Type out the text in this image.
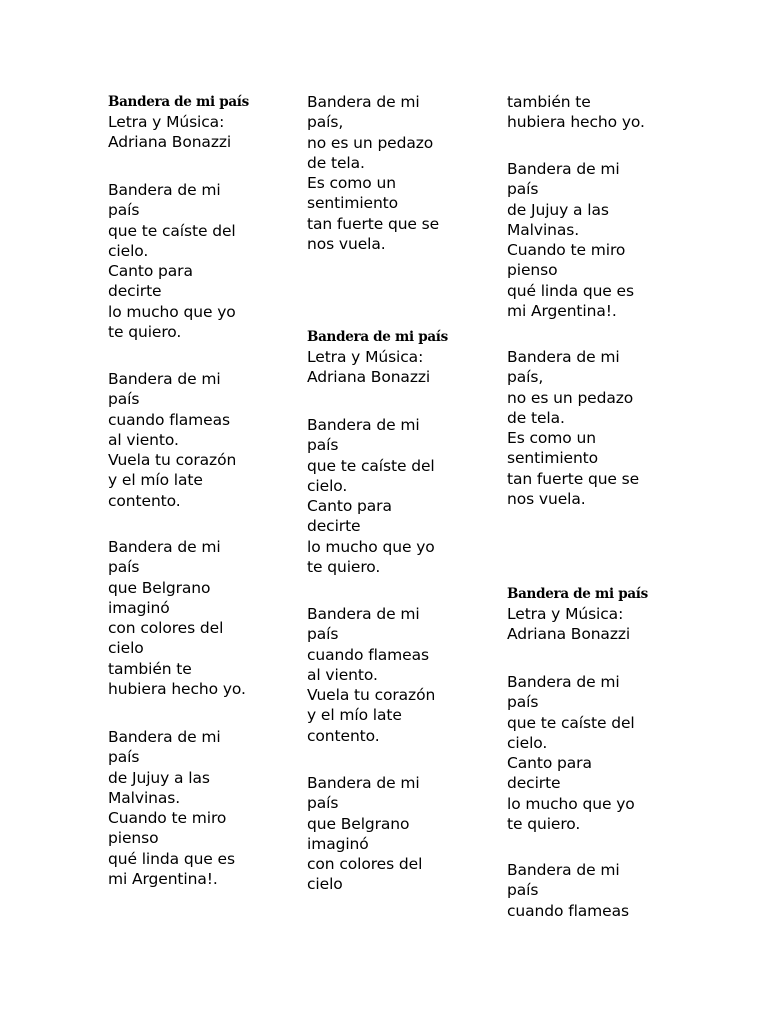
Bandera de mi país
Letra y Música:
Adriana Bonazzi
Bandera de mi
país
que te caíste del
cielo.
Canto para
decirte
lo mucho que yo
te quiero.
Bandera de mi
país
cuando flameas
al viento.
Vuela tu corazón
y el mío late
contento.
Bandera de mi
país
que Belgrano
imaginó
con colores del
cielo
también te
hubiera hecho yo.
Bandera de mi
país
de Jujuy a las
Malvinas.
Cuando te miro
pienso
qué linda que es
mi Argentina!.
Bandera de mi
país,
no es un pedazo
de tela.
Es como un
sentimiento
tan fuerte que se
nos vuela.
Bandera de mi país
Letra y Música:
Adriana Bonazzi
Bandera de mi
país
que te caíste del
cielo.
Canto para
decirte
lo mucho que yo
te quiero.
Bandera de mi
país
cuando flameas
al viento.
Vuela tu corazón
y el mío late
contento.
Bandera de mi
país
que Belgrano
imaginó
con colores del
cielo
también te
hubiera hecho yo.
Bandera de mi
país
de Jujuy a las
Malvinas.
Cuando te miro
pienso
qué linda que es
mi Argentina!.
Bandera de mi
país,
no es un pedazo
de tela.
Es como un
sentimiento
tan fuerte que se
nos vuela.
Bandera de mi país
Letra y Música:
Adriana Bonazzi
Bandera de mi
país
que te caíste del
cielo.
Canto para
decirte
lo mucho que yo
te quiero.
Bandera de mi
país
cuando flameas
